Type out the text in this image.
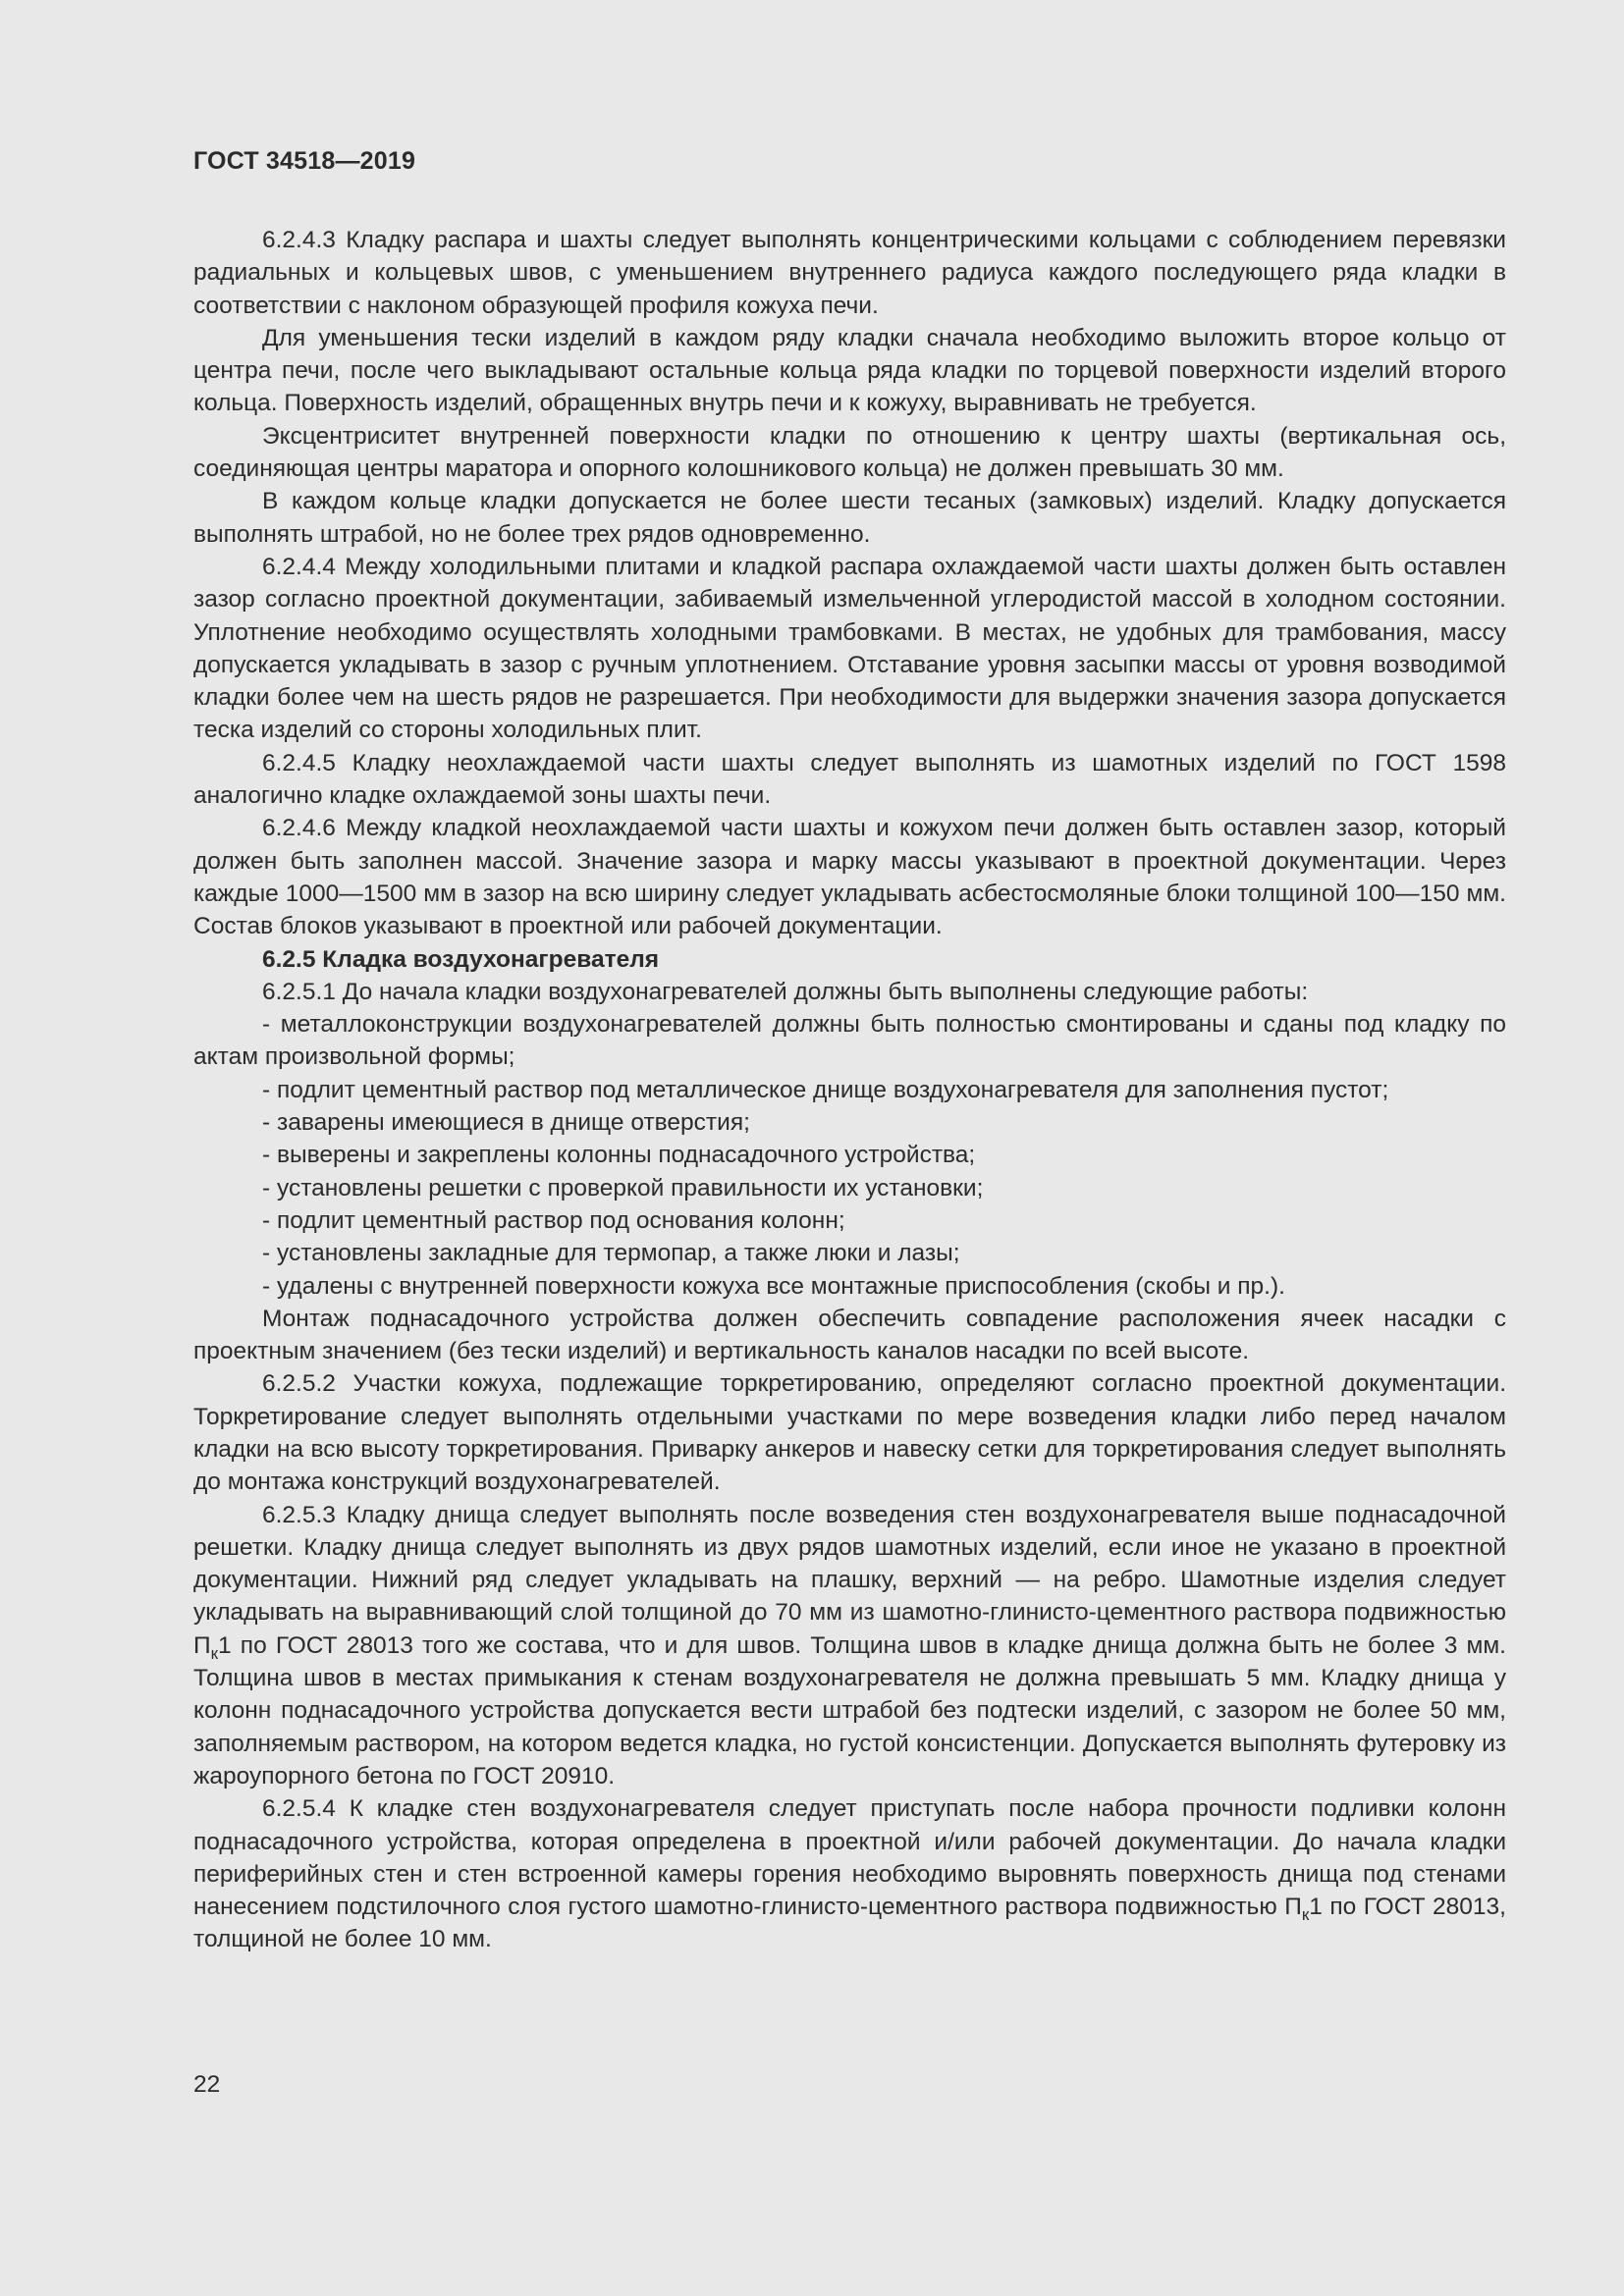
ГОСТ 34518—2019

6.2.4.3 Кладку распара и шахты следует выполнять концентрическими кольцами с соблюдением перевязки радиальных и кольцевых швов, с уменьшением внутреннего радиуса каждого последующего ряда кладки в соответствии с наклоном образующей профиля кожуха печи.

Для уменьшения тески изделий в каждом ряду кладки сначала необходимо выложить второе кольцо от центра печи, после чего выкладывают остальные кольца ряда кладки по торцевой поверхности изделий второго кольца. Поверхность изделий, обращенных внутрь печи и к кожуху, выравнивать не требуется.

Эксцентриситет внутренней поверхности кладки по отношению к центру шахты (вертикальная ось, соединяющая центры маратора и опорного колошникового кольца) не должен превышать 30 мм.

В каждом кольце кладки допускается не более шести тесаных (замковых) изделий. Кладку допускается выполнять штрабой, но не более трех рядов одновременно.

6.2.4.4 Между холодильными плитами и кладкой распара охлаждаемой части шахты должен быть оставлен зазор согласно проектной документации, забиваемый измельченной углеродистой массой в холодном состоянии. Уплотнение необходимо осуществлять холодными трамбовками. В местах, не удобных для трамбования, массу допускается укладывать в зазор с ручным уплотнением. Отставание уровня засыпки массы от уровня возводимой кладки более чем на шесть рядов не разрешается. При необходимости для выдержки значения зазора допускается теска изделий со стороны холодильных плит.

6.2.4.5 Кладку неохлаждаемой части шахты следует выполнять из шамотных изделий по ГОСТ 1598 аналогично кладке охлаждаемой зоны шахты печи.

6.2.4.6 Между кладкой неохлаждаемой части шахты и кожухом печи должен быть оставлен зазор, который должен быть заполнен массой. Значение зазора и марку массы указывают в проектной документации. Через каждые 1000—1500 мм в зазор на всю ширину следует укладывать асбестосмоляные блоки толщиной 100—150 мм. Состав блоков указывают в проектной или рабочей документации.

6.2.5 Кладка воздухонагревателя

6.2.5.1 До начала кладки воздухонагревателей должны быть выполнены следующие работы:

- металлоконструкции воздухонагревателей должны быть полностью смонтированы и сданы под кладку по актам произвольной формы;

- подлит цементный раствор под металлическое днище воздухонагревателя для заполнения пустот;

- заварены имеющиеся в днище отверстия;

- выверены и закреплены колонны поднасадочного устройства;

- установлены решетки с проверкой правильности их установки;

- подлит цементный раствор под основания колонн;

- установлены закладные для термопар, а также люки и лазы;

- удалены с внутренней поверхности кожуха все монтажные приспособления (скобы и пр.).

Монтаж поднасадочного устройства должен обеспечить совпадение расположения ячеек насадки с проектным значением (без тески изделий) и вертикальность каналов насадки по всей высоте.

6.2.5.2 Участки кожуха, подлежащие торкретированию, определяют согласно проектной документации. Торкретирование следует выполнять отдельными участками по мере возведения кладки либо перед началом кладки на всю высоту торкретирования. Приварку анкеров и навеску сетки для торкретирования следует выполнять до монтажа конструкций воздухонагревателей.

6.2.5.3 Кладку днища следует выполнять после возведения стен воздухонагревателя выше поднасадочной решетки. Кладку днища следует выполнять из двух рядов шамотных изделий, если иное не указано в проектной документации. Нижний ряд следует укладывать на плашку, верхний — на ребро. Шамотные изделия следует укладывать на выравнивающий слой толщиной до 70 мм из шамотно-глинисто-цементного раствора подвижностью $П_к1$ по ГОСТ 28013 того же состава, что и для швов. Толщина швов в кладке днища должна быть не более 3 мм. Толщина швов в местах примыкания к стенам воздухонагревателя не должна превышать 5 мм. Кладку днища у колонн поднасадочного устройства допускается вести штрабой без подтески изделий, с зазором не более 50 мм, заполняемым раствором, на котором ведется кладка, но густой консистенции. Допускается выполнять футеровку из жароупорного бетона по ГОСТ 20910.

6.2.5.4 К кладке стен воздухонагревателя следует приступать после набора прочности подливки колонн поднасадочного устройства, которая определена в проектной и/или рабочей документации. До начала кладки периферийных стен и стен встроенной камеры горения необходимо выровнять поверхность днища под стенами нанесением подстилочного слоя густого шамотно-глинисто-цементного раствора подвижностью $П_к1$ по ГОСТ 28013, толщиной не более 10 мм.

22
